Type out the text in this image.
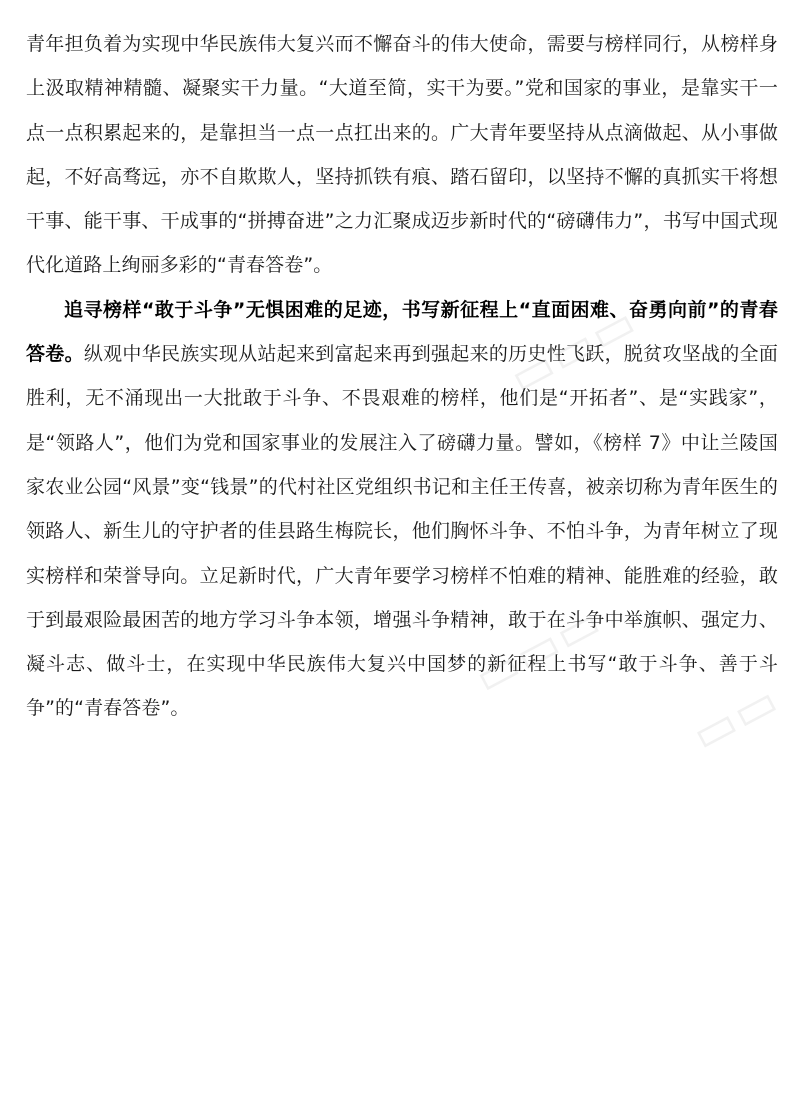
青年担负着为实现中华民族伟大复兴而不懈奋斗的伟大使命，需要与榜样同行，从榜样身上汲取精神精髓、凝聚实干力量。“大道至简，实干为要。”党和国家的事业，是靠实干一点一点积累起来的，是靠担当一点一点扛出来的。广大青年要坚持从点滴做起、从小事做起，不好高骛远，亦不自欺欺人，坚持抓铁有痕、踏石留印，以坚持不懈的真抓实干将想干事、能干事、干成事的“拼搏奋进”之力汇聚成迈步新时代的“磅礴伟力”，书写中国式现代化道路上绚丽多彩的“青春答卷”。

追寻榜样“敢于斗争”无惧困难的足迹，书写新征程上“直面困难、奋勇向前”的青春答卷。纵观中华民族实现从站起来到富起来再到强起来的历史性飞跃，脱贫攻坚战的全面胜利，无不涌现出一大批敢于斗争、不畏艰难的榜样，他们是“开拓者”、是“实践家”，是“领路人”，他们为党和国家事业的发展注入了磅礴力量。譬如，《榜样 7》中让兰陵国家农业公园“风景”变“钱景”的代村社区党组织书记和主任王传喜，被亲切称为青年医生的领路人、新生儿的守护者的佳县路生梅院长，他们胸怀斗争、不怕斗争，为青年树立了现实榜样和荣誉导向。立足新时代，广大青年要学习榜样不怕难的精神、能胜难的经验，敢于到最艰险最困苦的地方学习斗争本领，增强斗争精神，敢于在斗争中举旗帜、强定力、凝斗志、做斗士，在实现中华民族伟大复兴中国梦的新征程上书写“敢于斗争、善于斗争”的“青春答卷”。

▭▭▭
▭▭▭
▭▭
